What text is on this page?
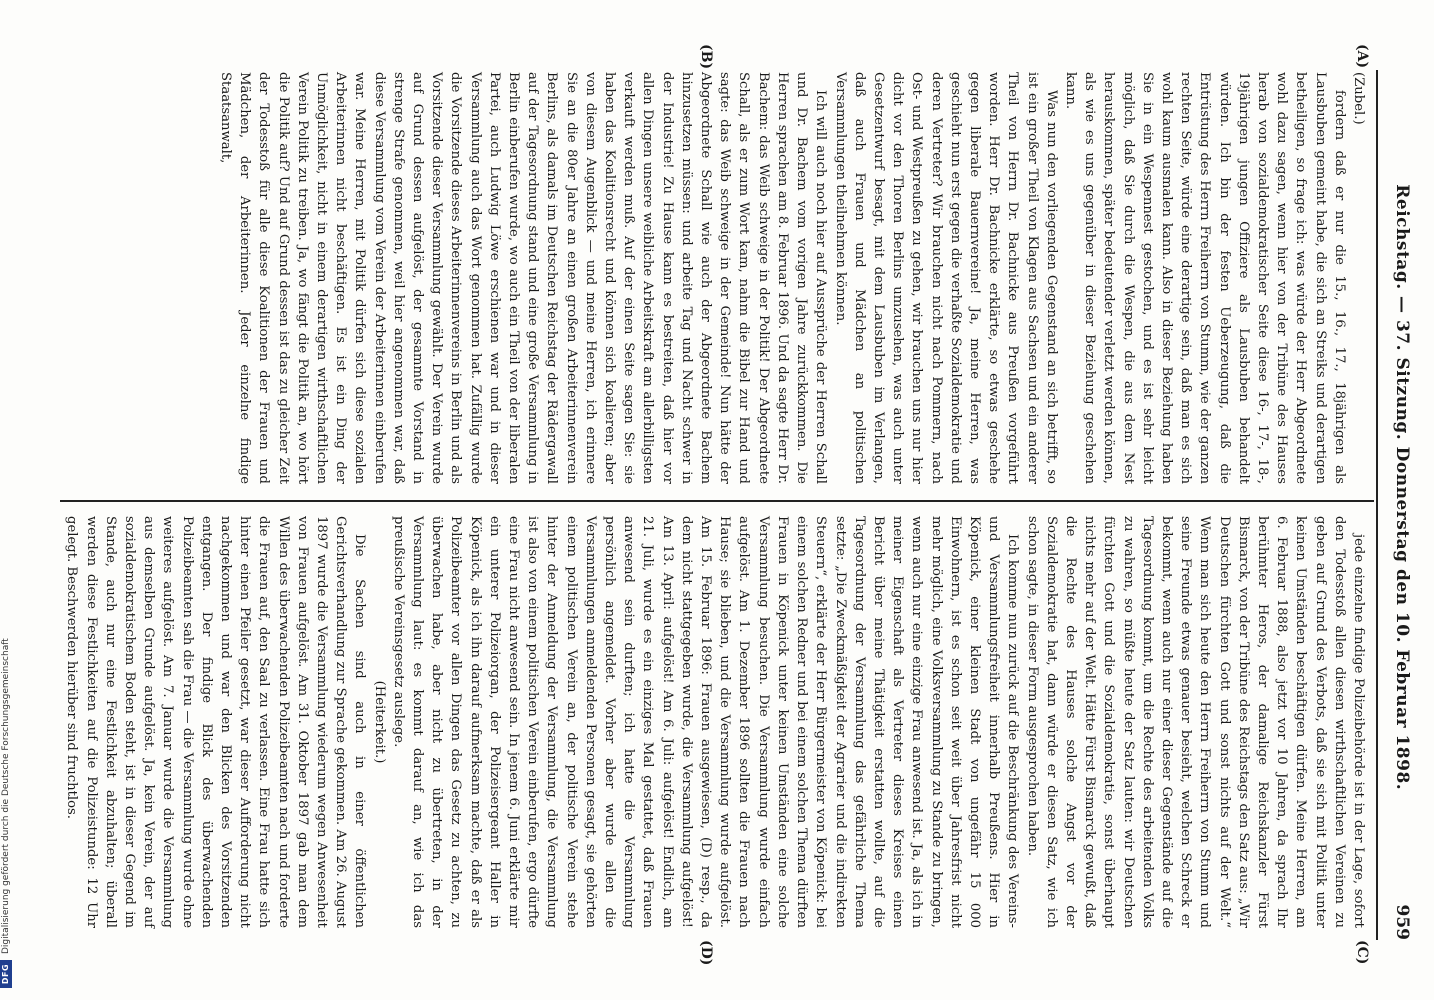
Reichstag. — 37. Sitzung. Donnerstag den 10. Februar 1898.
959
(A)
(B)
(C)
(D)

(Zubel.)

fordern daß er nur die 15., 16., 17., 18jährigen als Lausbuben gemeint habe, die sich an Streiks und derartigen betheiligen, so frage ich: was würde der Herr Abgeordnete wohl dazu sagen, wenn hier von der Tribüne des Hauses herab von sozialdemokratischer Seite diese 16-, 17-, 18-, 19jährigen jungen Offiziere als Lausbuben behandelt würden. Ich bin der festen Ueberzeugung, daß die Entrüstung des Herrn Freiherrn von Stumm, wie der ganzen rechten Seite, würde eine derartige sein, daß man es sich wohl kaum ausmalen kann. Also in dieser Beziehung haben Sie in ein Wespennest gestochen, und es ist sehr leicht möglich, daß Sie durch die Wespen, die aus dem Nest herauskommen, später bedeutender verletzt werden können, als wie es uns gegenüber in dieser Beziehung geschehen kann.

Was nun den vorliegenden Gegenstand an sich betrifft, so ist ein großer Theil von Klagen aus Sachsen und ein anderer Theil von Herrn Dr. Bachnicke aus Preußen vorgeführt worden. Herr Dr. Bachnicke erklärte, so etwas geschehe gegen liberale Bauernvereine! Ja, meine Herren, was geschieht nun erst gegen die verhaßte Sozialdemokratie und deren Vertreter? Wir brauchen nicht nach Pommern, nach Ost- und Westpreußen zu gehen, wir brauchen uns nur hier dicht vor den Thoren Berlins umzusehen, was auch unter Gesetzentwurf besagt, mit dem Lausbuben im Verlangen, daß auch Frauen und Mädchen an politischen Versammlungen theilnehmen können.

Ich will auch noch hier auf Aussprüche der Herren Schall und Dr. Bachem vom vorigen Jahre zurückkommen. Die Herren sprachen am 8. Februar 1896. Und da sagte Herr Dr. Bachem: das Weib schweige in der Politik! Der Abgeordnete Schall, als er zum Wort kam, nahm die Bibel zur Hand und sagte: das Weib schweige in der Gemeinde! Nun hätte der Abgeordnete Schall wie auch der Abgeordnete Bachem hinzusetzen müssen: und arbeite Tag und Nacht schwer in der Industrie! Zu Hause kann es bestreiten, daß hier vor allen Dingen unsere weibliche Arbeitskraft am allerbilligsten verkauft werden muß. Auf der einen Seite sagen Sie: sie haben das Koalitionsrecht und können sich koalieren; aber von diesem Augenblick — und meine Herren, ich erinnere Sie an die 80er Jahre an einen großen Arbeiterinnenverein Berlins, als damals im Deutschen Reichstag der Rädergawall auf der Tagesordnung stand und eine große Versammlung in Berlin einberufen wurde, wo auch ein Theil von der liberalen Partei, auch Ludwig Löwe erschienen war und in dieser Versammlung auch das Wort genommen hat. Zufällig wurde die Vorsitzende dieses Arbeiterinnenvereins in Berlin und als Vorsitzende dieser Versammlung gewählt. Der Verein wurde auf Grund dessen aufgelöst, der gesammte Vorstand in strenge Strafe genommen, weil hier angenommen war, daß diese Versammlung vom Verein der Arbeiterinnen einberufen war. Meine Herren, mit Politik dürfen sich diese sozialen Arbeiterinnen nicht beschäftigen. Es ist ein Ding der Unmöglichkeit, nicht in einem derartigen wirthschaftlichen Verein Politik zu treiben. Ja, wo fängt die Politik an, wo hört die Politik auf? Und auf Grund dessen ist das zu gleicher Zeit der Todesstoß für alle diese Koalitionen der Frauen und Mädchen, der Arbeiterinnen. Jeder einzelne findige Staatsanwalt,

jede einzelne findige Polizeibehörde ist in der Lage, sofort den Todesstoß allen diesen wirthschaftlichen Vereinen zu geben auf Grund des Verbots, daß sie sich mit Politik unter keinen Umständen beschäftigen dürfen. Meine Herren, am 6. Februar 1888, also jetzt vor 10 Jahren, da sprach Ihr berühmter Heros, der damalige Reichskanzler Fürst Bismarck, von der Tribüne des Reichstags den Satz aus: „Wir Deutschen fürchten Gott und sonst nichts auf der Welt.“ Wenn man sich heute den Herrn Freiherrn von Stumm und seine Freunde etwas genauer besieht, welchen Schreck er bekommt, wenn auch nur einer dieser Gegenstände auf die Tagesordnung kommt, um die Rechte des arbeitenden Volks zu wahren, so müßte heute der Satz lauten: wir Deutschen fürchten Gott und die Sozialdemokratie, sonst überhaupt nichts mehr auf der Welt. Hätte Fürst Bismarck gewußt, daß die Rechte des Hauses solche Angst vor der Sozialdemokratie hat, dann würde er diesen Satz, wie ich schon sagte, in dieser Form ausgesprochen haben.

Ich komme nun zurück auf die Beschränkung des Vereins- und Versammlungsfreiheit innerhalb Preußens. Hier in Köpenick, einer kleinen Stadt von ungefähr 15 000 Einwohnern, ist es schon seit weit über Jahresfrist nicht mehr möglich, eine Volksversammlung zu Stande zu bringen, wenn auch nur eine einzige Frau anwesend ist. Ja, als ich in meiner Eigenschaft als Vertreter dieses Kreises einen Bericht über meine Thätigkeit erstatten wollte, auf die Tagesordnung der Versammlung das gefährliche Thema setzte: „Die Zweckmäßigkeit der Agrarier und die indirekten Steuern“, erklärte der Herr Bürgermeister von Köpenick: bei einem solchen Redner und bei einem solchen Thema dürften Frauen in Köpenick unter keinen Umständen eine solche Versammlung besuchen. Die Versammlung wurde einfach aufgelöst. Am 1. Dezember 1896 sollten die Frauen nach Hause; sie blieben, und die Versammlung wurde aufgelöst. Am 15. Februar 1896: Frauen ausgewiesen, (D) resp., da dem nicht stattgegeben wurde, die Versammlung aufgelöst! Am 13. April: aufgelöst! Am 6. Juli: aufgelöst! Endlich, am 21. Juli, wurde es ein einziges Mal gestattet, daß Frauen anwesend sein durften; ich hatte die Versammlung persönlich angemeldet. Vorher aber wurde allen die Versammlungen anmeldenden Personen gesagt, sie gehörten einem politischen Verein an, der politische Verein stehe hinter der Anmeldung der Versammlung, die Versammlung ist also von einem politischen Verein einberufen, ergo dürfte eine Frau nicht anwesend sein. In jenem 6. Juni erklärte mir ein unterer Polizeiorgan, der Polizeisergeant Haller in Köpenick, als ich ihn darauf aufmerksam machte, daß er als Polizeibeamter vor allen Dingen das Gesetz zu achten, zu überwachen habe, aber nicht zu übertreten, in der Versammlung laut: es kommt darauf an, wie ich das preußische Vereinsgesetz auslege.

(Heiterkeit.)

Die Sachen sind auch in einer öffentlichen Gerichtsverhandlung zur Sprache gekommen. Am 26. August 1897 wurde die Versammlung wiederum wegen Anwesenheit von Frauen aufgelöst. Am 31. Oktober 1897 gab man dem Willen des überwachenden Polizeibeamten nach und forderte die Frauen auf, den Saal zu verlassen. Eine Frau hatte sich hinter einen Pfeiler gesetzt, war dieser Aufforderung nicht nachgekommen und war den Blicken des Vorsitzenden entgangen. Der findige Blick des überwachenden Polizeibeamten sah die Frau — die Versammlung wurde ohne weiteres aufgelöst. Am 7. Januar wurde die Versammlung aus demselben Grunde aufgelöst. Ja, kein Verein, der auf sozialdemokratischem Boden steht, ist in dieser Gegend im Stande, auch nur eine Festlichkeit abzuhalten; überall werden diese Festlichkeiten auf die Polizeistunde: 12 Uhr gelegt. Beschwerden hierüber sind fruchtlos.

DFG
Digitalisierung gefördert durch die Deutsche Forschungsgemeinschaft
